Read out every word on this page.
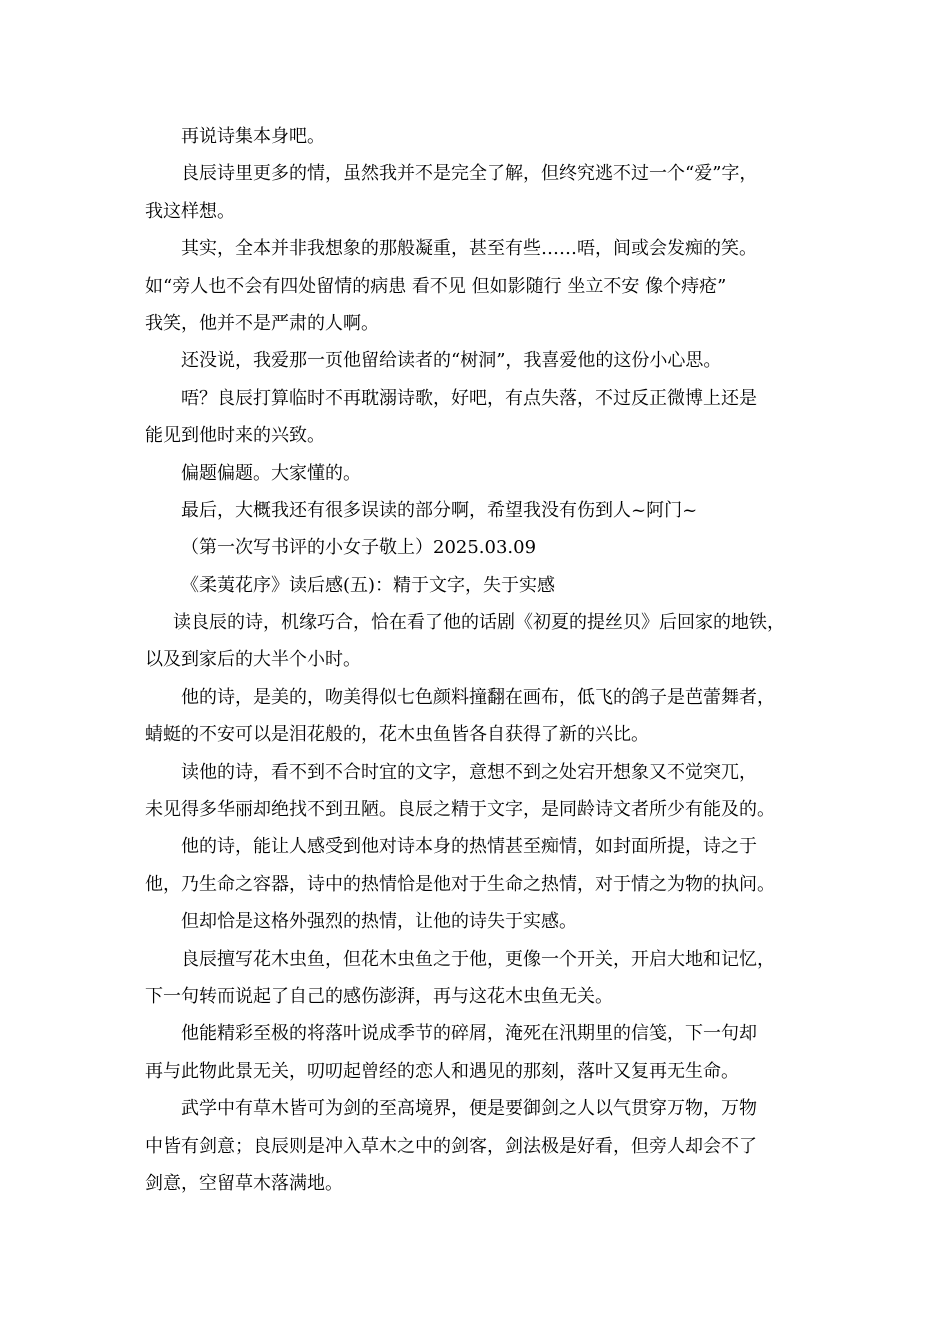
再说诗集本身吧。
良辰诗里更多的情，虽然我并不是完全了解，但终究逃不过一个“爱”字，
我这样想。
其实，全本并非我想象的那般凝重，甚至有些……唔，间或会发痴的笑。
如“旁人也不会有四处留情的病患 看不见 但如影随行 坐立不安 像个痔疮”
我笑，他并不是严肃的人啊。
还没说，我爱那一页他留给读者的“树洞”，我喜爱他的这份小心思。
唔？良辰打算临时不再耽溺诗歌，好吧，有点失落，不过反正微博上还是
能见到他时来的兴致。
偏题偏题。大家懂的。
最后，大概我还有很多误读的部分啊，希望我没有伤到人~阿门~
（第一次写书评的小女子敬上）2025.03.09
《柔荑花序》读后感(五)：精于文字，失于实感
读良辰的诗，机缘巧合，恰在看了他的话剧《初夏的提丝贝》后回家的地铁，
以及到家后的大半个小时。
他的诗，是美的，吻美得似七色颜料撞翻在画布，低飞的鸽子是芭蕾舞者，
蜻蜓的不安可以是泪花般的，花木虫鱼皆各自获得了新的兴比。
读他的诗，看不到不合时宜的文字，意想不到之处宕开想象又不觉突兀，
未见得多华丽却绝找不到丑陋。良辰之精于文字，是同龄诗文者所少有能及的。
他的诗，能让人感受到他对诗本身的热情甚至痴情，如封面所提，诗之于
他，乃生命之容器，诗中的热情恰是他对于生命之热情，对于情之为物的执问。
但却恰是这格外强烈的热情，让他的诗失于实感。
良辰擅写花木虫鱼，但花木虫鱼之于他，更像一个开关，开启大地和记忆，
下一句转而说起了自己的感伤澎湃，再与这花木虫鱼无关。
他能精彩至极的将落叶说成季节的碎屑，淹死在汛期里的信笺，下一句却
再与此物此景无关，叨叨起曾经的恋人和遇见的那刻，落叶又复再无生命。
武学中有草木皆可为剑的至高境界，便是要御剑之人以气贯穿万物，万物
中皆有剑意；良辰则是冲入草木之中的剑客，剑法极是好看，但旁人却会不了
剑意，空留草木落满地。
